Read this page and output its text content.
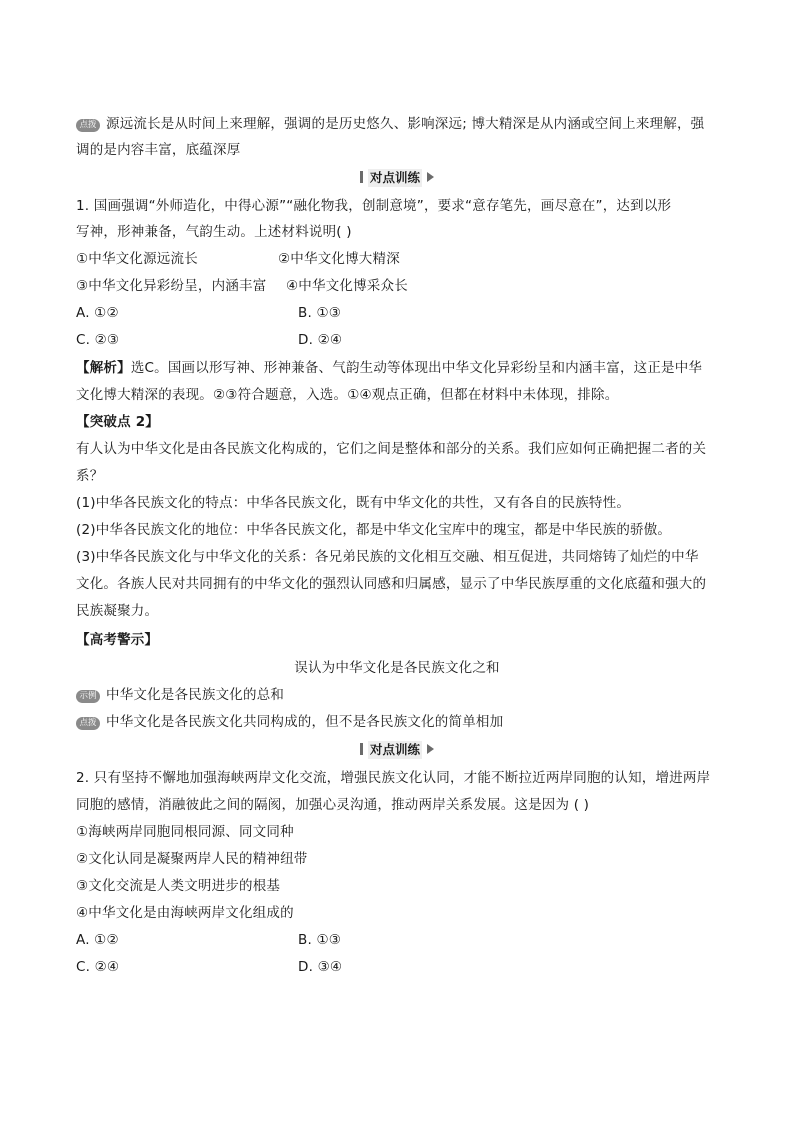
点拨 源远流长是从时间上来理解，强调的是历史悠久、影响深远; 博大精深是从内涵或空间上来理解，强
调的是内容丰富，底蕴深厚
对点训练
1. 国画强调“外师造化，中得心源”“融化物我，创制意境”，要求“意存笔先，画尽意在”，达到以形
写神，形神兼备，气韵生动。上述材料说明( )
①中华文化源远流长	②中华文化博大精深
③中华文化异彩纷呈，内涵丰富 ④中华文化博采众长
A. ①②	B. ①③
C. ②③	D. ②④
【解析】选C。国画以形写神、形神兼备、气韵生动等体现出中华文化异彩纷呈和内涵丰富，这正是中华
文化博大精深的表现。②③符合题意，入选。①④观点正确，但都在材料中未体现，排除。
【突破点 2】
有人认为中华文化是由各民族文化构成的，它们之间是整体和部分的关系。我们应如何正确把握二者的关
系？
(1)中华各民族文化的特点：中华各民族文化，既有中华文化的共性，又有各自的民族特性。
(2)中华各民族文化的地位：中华各民族文化，都是中华文化宝库中的瑰宝，都是中华民族的骄傲。
(3)中华各民族文化与中华文化的关系：各兄弟民族的文化相互交融、相互促进，共同熔铸了灿烂的中华
文化。各族人民对共同拥有的中华文化的强烈认同感和归属感，显示了中华民族厚重的文化底蕴和强大的
民族凝聚力。
【高考警示】
误认为中华文化是各民族文化之和
示例 中华文化是各民族文化的总和
点拨 中华文化是各民族文化共同构成的，但不是各民族文化的简单相加
对点训练
2. 只有坚持不懈地加强海峡两岸文化交流，增强民族文化认同，才能不断拉近两岸同胞的认知，增进两岸
同胞的感情，消融彼此之间的隔阂，加强心灵沟通，推动两岸关系发展。这是因为 ( )
①海峡两岸同胞同根同源、同文同种
②文化认同是凝聚两岸人民的精神纽带
③文化交流是人类文明进步的根基
④中华文化是由海峡两岸文化组成的
A. ①②	B. ①③
C. ②④	D. ③④
